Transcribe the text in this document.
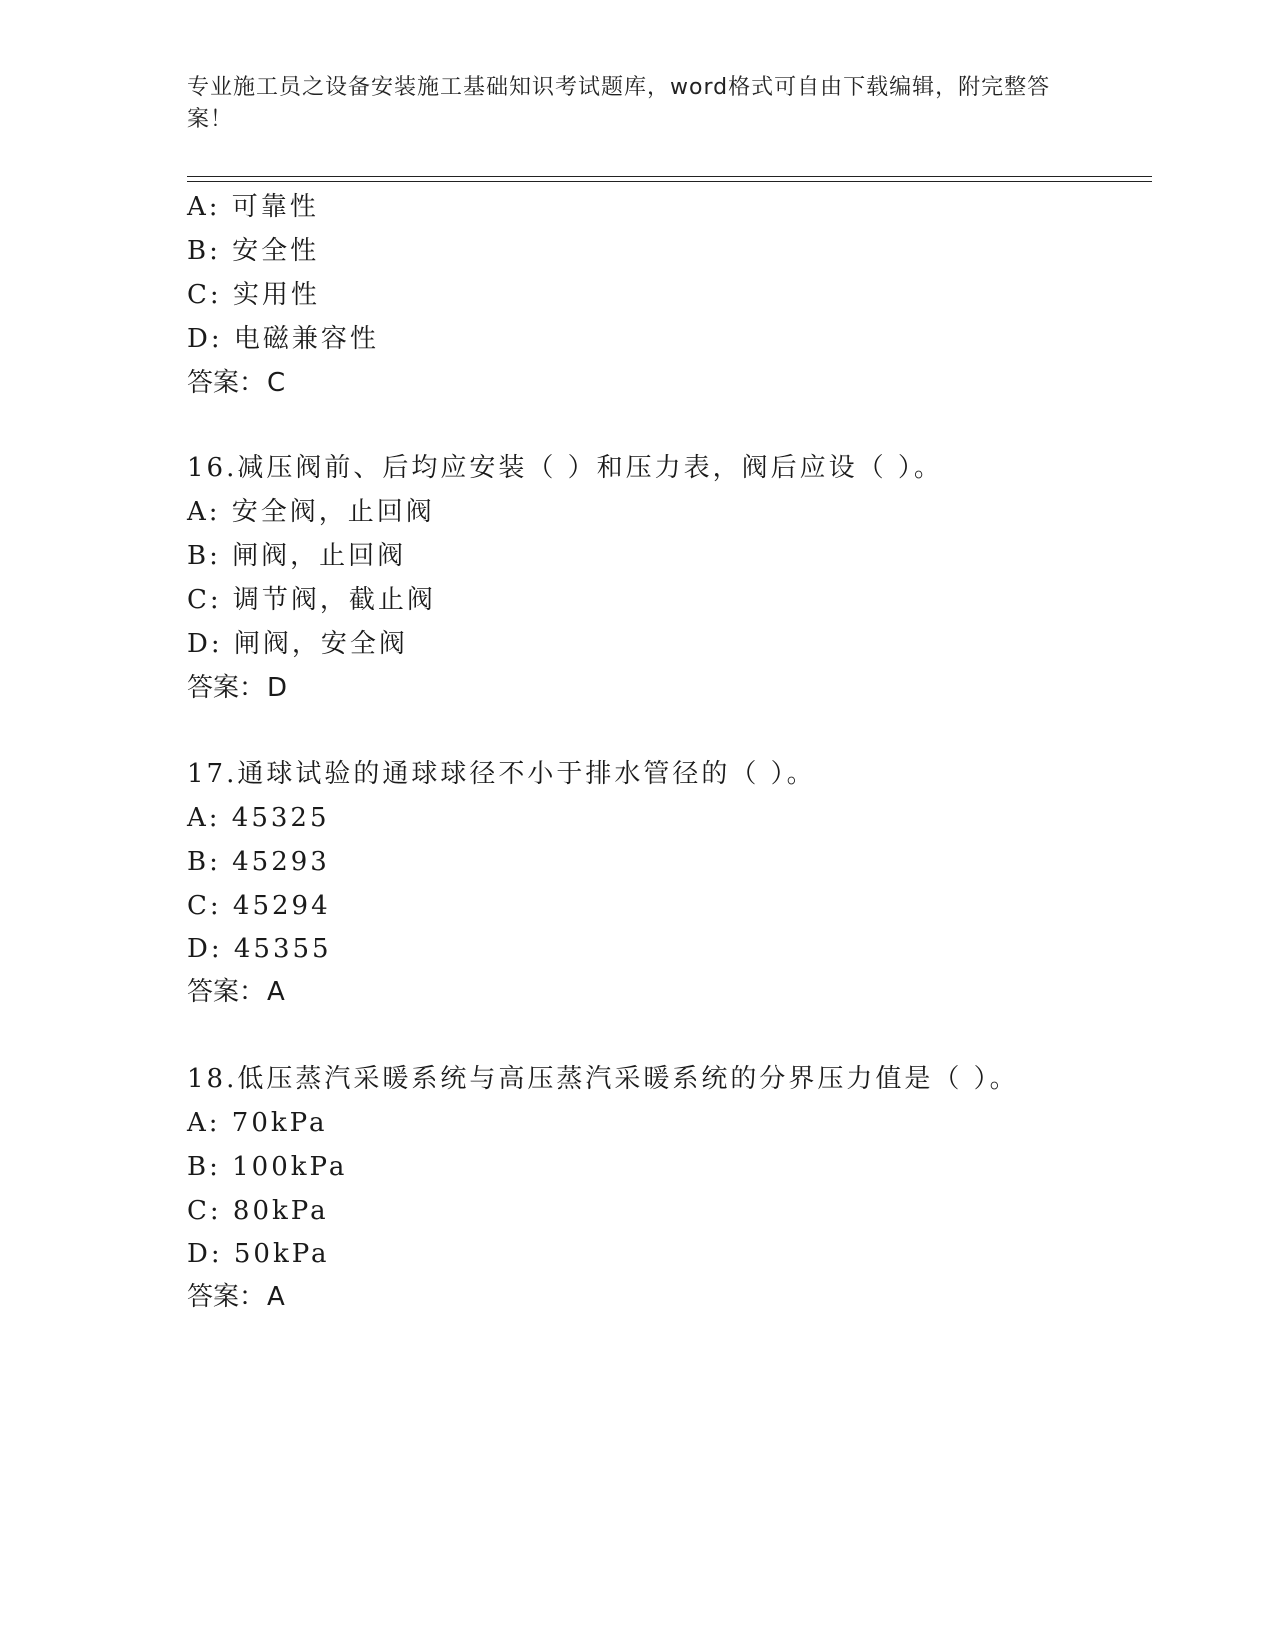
专业施工员之设备安装施工基础知识考试题库，word格式可自由下载编辑，附完整答案！
A: 可靠性
B: 安全性
C: 实用性
D: 电磁兼容性
答案：C
16.减压阀前、后均应安装（ ）和压力表，阀后应设（ ）。
A: 安全阀，止回阀
B: 闸阀，止回阀
C: 调节阀，截止阀
D: 闸阀，安全阀
答案：D
17.通球试验的通球球径不小于排水管径的（ ）。
A: 45325
B: 45293
C: 45294
D: 45355
答案：A
18.低压蒸汽采暖系统与高压蒸汽采暖系统的分界压力值是（ ）。
A: 70kPa
B: 100kPa
C: 80kPa
D: 50kPa
答案：A
